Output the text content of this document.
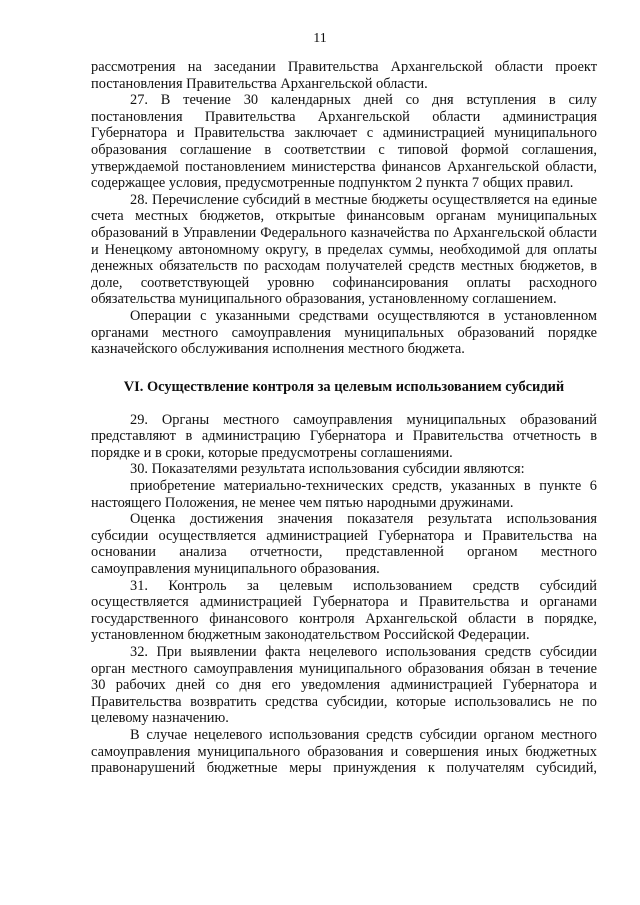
11

рассмотрения на заседании Правительства Архангельской области проект постановления Правительства Архангельской области.

27. В течение 30 календарных дней со дня вступления в силу постановления Правительства Архангельской области администрация Губернатора и Правительства заключает с администрацией муниципального образования соглашение в соответствии с типовой формой соглашения, утверждаемой постановлением министерства финансов Архангельской области, содержащее условия, предусмотренные подпунктом 2 пункта 7 общих правил.

28. Перечисление субсидий в местные бюджеты осуществляется на единые счета местных бюджетов, открытые финансовым органам муниципальных образований в Управлении Федерального казначейства по Архангельской области и Ненецкому автономному округу, в пределах суммы, необходимой для оплаты денежных обязательств по расходам получателей средств местных бюджетов, в доле, соответствующей уровню софинансирования оплаты расходного обязательства муниципального образования, установленному соглашением.

Операции с указанными средствами осуществляются в установленном органами местного самоуправления муниципальных образований порядке казначейского обслуживания исполнения местного бюджета.

VI. Осуществление контроля за целевым использованием субсидий

29. Органы местного самоуправления муниципальных образований представляют в администрацию Губернатора и Правительства отчетность в порядке и в сроки, которые предусмотрены соглашениями.

30. Показателями результата использования субсидии являются:

приобретение материально-технических средств, указанных в пункте 6 настоящего Положения, не менее чем пятью народными дружинами.

Оценка достижения значения показателя результата использования субсидии осуществляется администрацией Губернатора и Правительства на основании анализа отчетности, представленной органом местного самоуправления муниципального образования.

31. Контроль за целевым использованием средств субсидий осуществляется администрацией Губернатора и Правительства и органами государственного финансового контроля Архангельской области в порядке, установленном бюджетным законодательством Российской Федерации.

32. При выявлении факта нецелевого использования средств субсидии орган местного самоуправления муниципального образования обязан в течение 30 рабочих дней со дня его уведомления администрацией Губернатора и Правительства возвратить средства субсидии, которые использовались не по целевому назначению.

В случае нецелевого использования средств субсидии органом местного самоуправления муниципального образования и совершения иных бюджетных правонарушений бюджетные меры принуждения к получателям субсидий,
